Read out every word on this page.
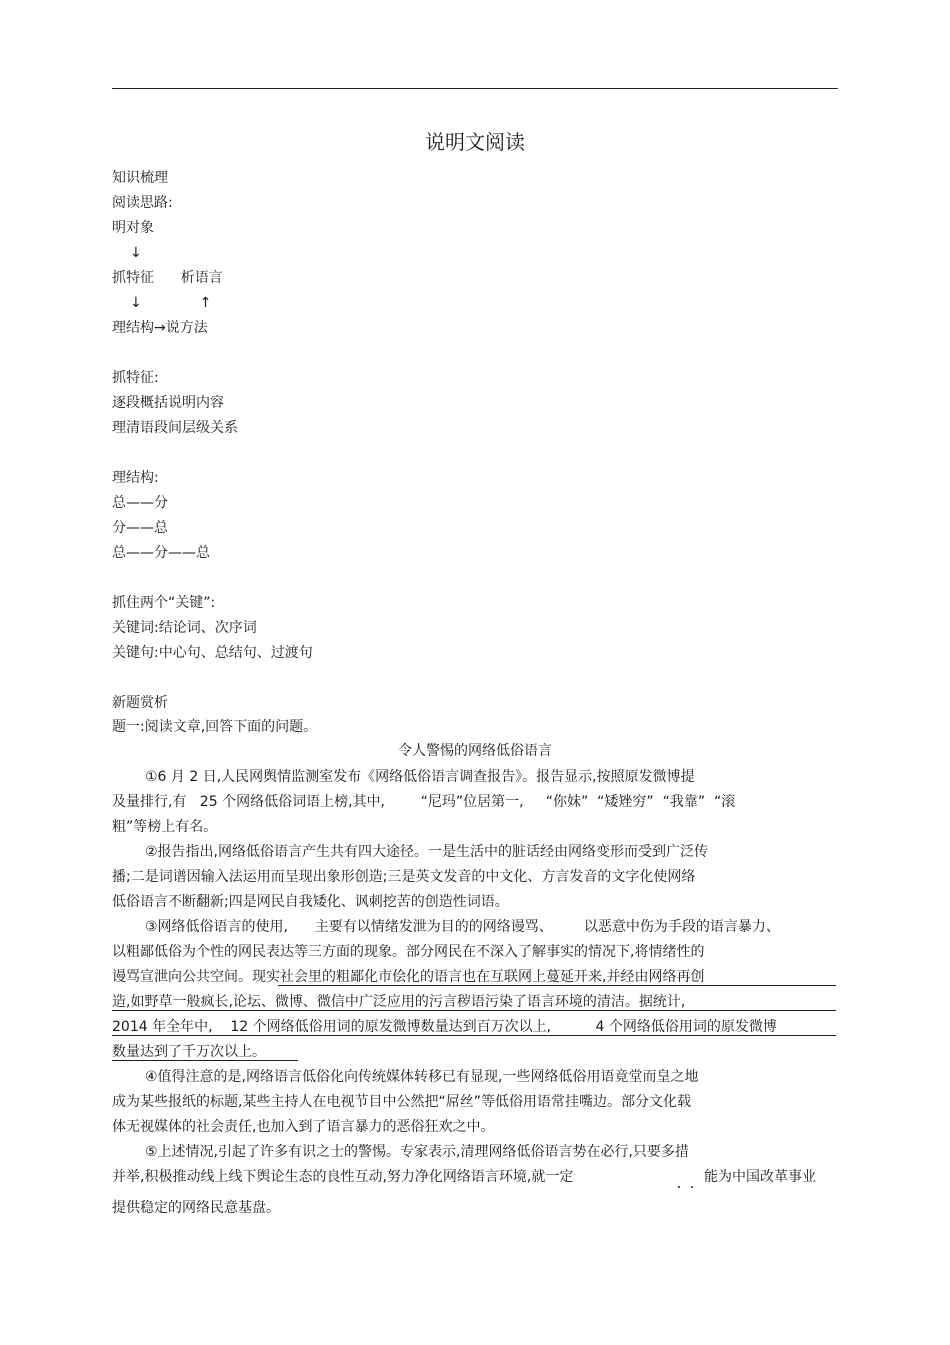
说明文阅读
知识梳理
阅读思路:
明对象
↓
抓特征      析语言
↓             ↑
理结构→说方法
抓特征:
逐段概括说明内容
理清语段间层级关系
理结构:
总——分
分——总
总——分——总
抓住两个“关键”:
关键词:结论词、次序词
关键句:中心句、总结句、过渡句
新题赏析
题一:阅读文章,回答下面的问题。
令人警惕的网络低俗语言
①6 月 2 日,人民网舆情监测室发布《网络低俗语言调查报告》。报告显示,按照原发微博提
及量排行,有   25 个网络低俗词语上榜,其中,        “尼玛”位居第一,     “你妹”  “矮矬穷”  “我靠”  “滚
粗”等榜上有名。
②报告指出,网络低俗语言产生共有四大途径。一是生活中的脏话经由网络变形而受到广泛传
播;二是词谱因输入法运用而呈现出象形创造;三是英文发音的中文化、方言发音的文字化使网络
低俗语言不断翻新;四是网民自我矮化、讽刺挖苦的创造性词语。
③网络低俗语言的使用,      主要有以情绪发泄为目的的网络谩骂、       以恶意中伤为手段的语言暴力、
以粗鄙低俗为个性的网民表达等三方面的现象。部分网民在不深入了解事实的情况下,将情绪性的
谩骂宣泄向公共空间。现实社会里的粗鄙化市侩化的语言也在互联网上蔓延开来,并经由网络再创
造,如野草一般疯长,论坛、微博、微信中广泛应用的污言秽语污染了语言环境的清洁。据统计,
2014 年全年中,    12 个网络低俗用词的原发微博数量达到百万次以上,          4 个网络低俗用词的原发微博
数量达到了千万次以上。
④值得注意的是,网络语言低俗化向传统媒体转移已有显现,一些网络低俗用语竟堂而皇之地
成为某些报纸的标题,某些主持人在电视节目中公然把“屌丝”等低俗用语常挂嘴边。部分文化载
体无视媒体的社会责任,也加入到了语言暴力的恶俗狂欢之中。
⑤上述情况,引起了许多有识之士的警惕。专家表示,清理网络低俗语言势在必行,只要多措
并举,积极推动线上线下舆论生态的良性互动,努力净化网络语言环境,就一定	能为中国改革事业
提供稳定的网络民意基盘。
